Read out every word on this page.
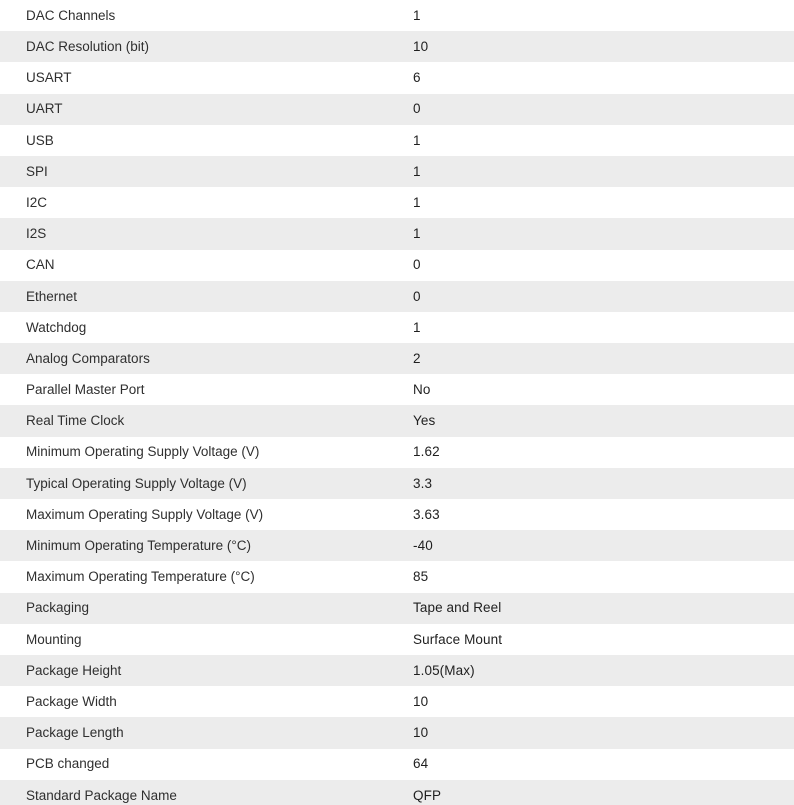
DAC Channels	1
DAC Resolution (bit)	10
USART	6
UART	0
USB	1
SPI	1
I2C	1
I2S	1
CAN	0
Ethernet	0
Watchdog	1
Analog Comparators	2
Parallel Master Port	No
Real Time Clock	Yes
Minimum Operating Supply Voltage (V)	1.62
Typical Operating Supply Voltage (V)	3.3
Maximum Operating Supply Voltage (V)	3.63
Minimum Operating Temperature (°C)	-40
Maximum Operating Temperature (°C)	85
Packaging	Tape and Reel
Mounting	Surface Mount
Package Height	1.05(Max)
Package Width	10
Package Length	10
PCB changed	64
Standard Package Name	QFP
